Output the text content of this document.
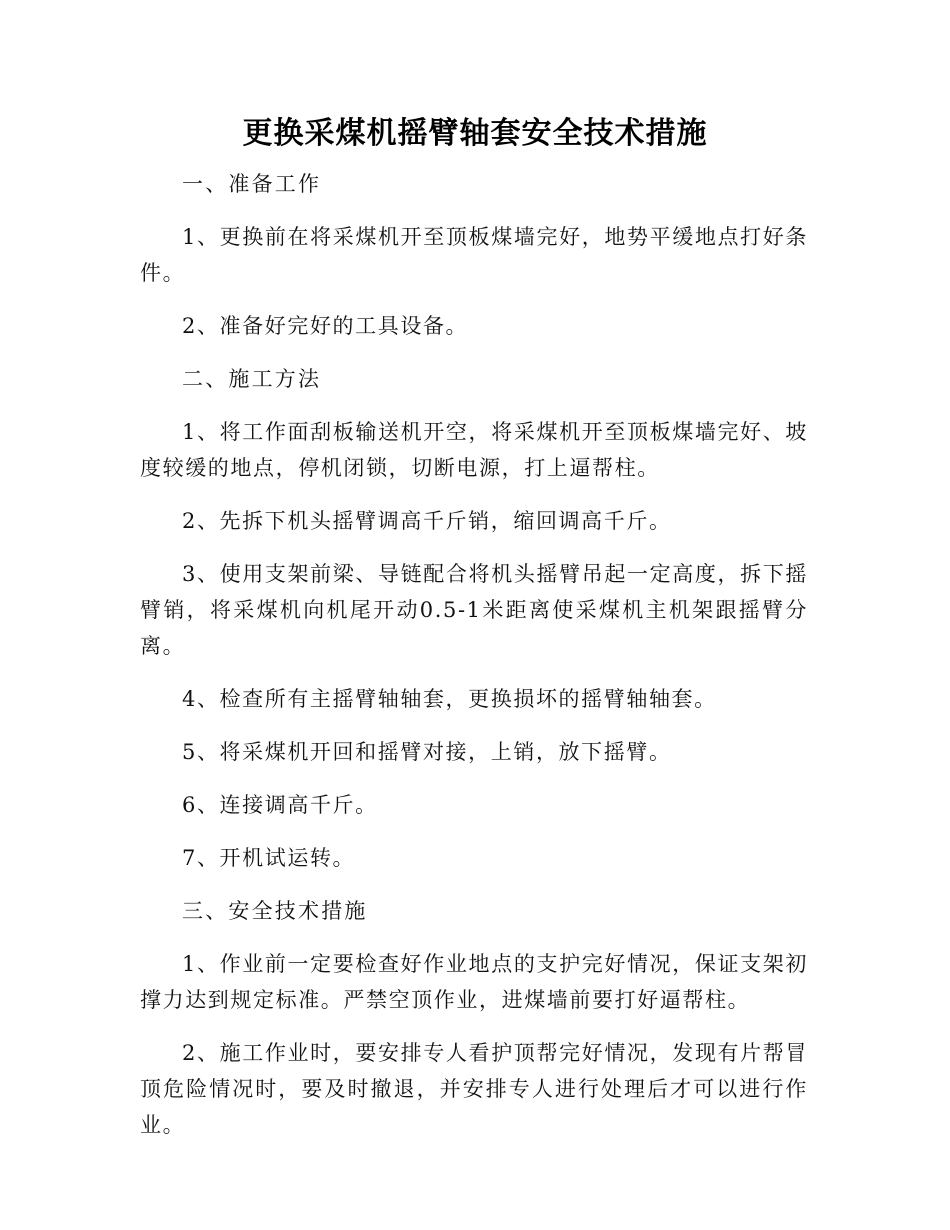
更换采煤机摇臂轴套安全技术措施

一、准备工作

1、更换前在将采煤机开至顶板煤墙完好，地势平缓地点打好条件。

2、准备好完好的工具设备。

二、施工方法

1、将工作面刮板输送机开空，将采煤机开至顶板煤墙完好、坡度较缓的地点，停机闭锁，切断电源，打上逼帮柱。

2、先拆下机头摇臂调高千斤销，缩回调高千斤。

3、使用支架前梁、导链配合将机头摇臂吊起一定高度，拆下摇臂销，将采煤机向机尾开动0.5-1米距离使采煤机主机架跟摇臂分离。

4、检查所有主摇臂轴轴套，更换损坏的摇臂轴轴套。

5、将采煤机开回和摇臂对接，上销，放下摇臂。

6、连接调高千斤。

7、开机试运转。

三、安全技术措施

1、作业前一定要检查好作业地点的支护完好情况，保证支架初撑力达到规定标准。严禁空顶作业，进煤墙前要打好逼帮柱。

2、施工作业时，要安排专人看护顶帮完好情况，发现有片帮冒顶危险情况时，要及时撤退，并安排专人进行处理后才可以进行作业。
